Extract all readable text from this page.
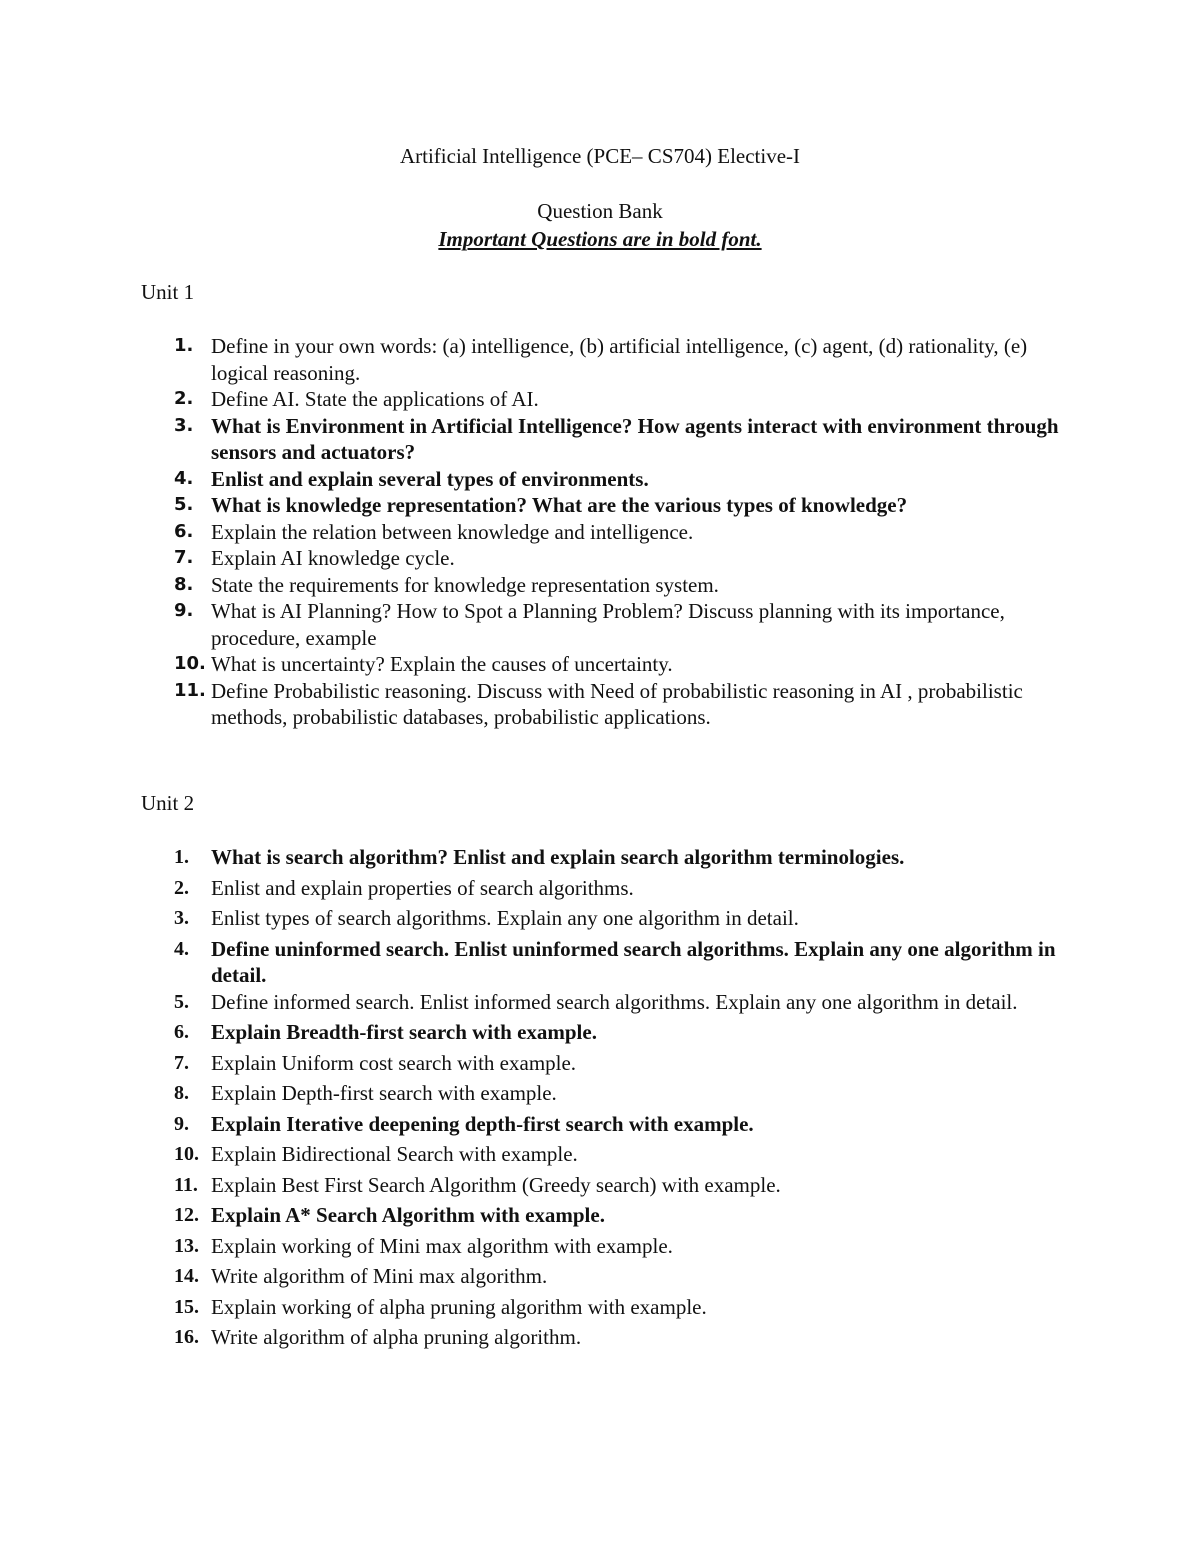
Artificial Intelligence (PCE– CS704) Elective-I
Question Bank
Important Questions are in bold font.
Unit 1
1. Define in your own words: (a) intelligence, (b) artificial intelligence, (c) agent, (d) rationality, (e) logical reasoning.
2. Define AI. State the applications of AI.
3. What is Environment in Artificial Intelligence? How agents interact with environment through sensors and actuators?
4. Enlist and explain several types of environments.
5. What is knowledge representation? What are the various types of knowledge?
6. Explain the relation between knowledge and intelligence.
7. Explain AI knowledge cycle.
8. State the requirements for knowledge representation system.
9. What is AI Planning? How to Spot a Planning Problem? Discuss planning with its importance, procedure, example
10. What is uncertainty? Explain the causes of uncertainty.
11. Define Probabilistic reasoning. Discuss with Need of probabilistic reasoning in AI , probabilistic methods, probabilistic databases, probabilistic applications.
Unit 2
1. What is search algorithm? Enlist and explain search algorithm terminologies.
2. Enlist and explain properties of search algorithms.
3. Enlist types of search algorithms. Explain any one algorithm in detail.
4. Define uninformed search. Enlist uninformed search algorithms. Explain any one algorithm in detail.
5. Define informed search. Enlist informed search algorithms. Explain any one algorithm in detail.
6. Explain Breadth-first search with example.
7. Explain Uniform cost search with example.
8. Explain Depth-first search with example.
9. Explain Iterative deepening depth-first search with example.
10. Explain Bidirectional Search with example.
11. Explain Best First Search Algorithm (Greedy search) with example.
12. Explain A* Search Algorithm with example.
13. Explain working of Mini max algorithm with example.
14. Write algorithm of Mini max algorithm.
15. Explain working of alpha pruning algorithm with example.
16. Write algorithm of alpha pruning algorithm.
